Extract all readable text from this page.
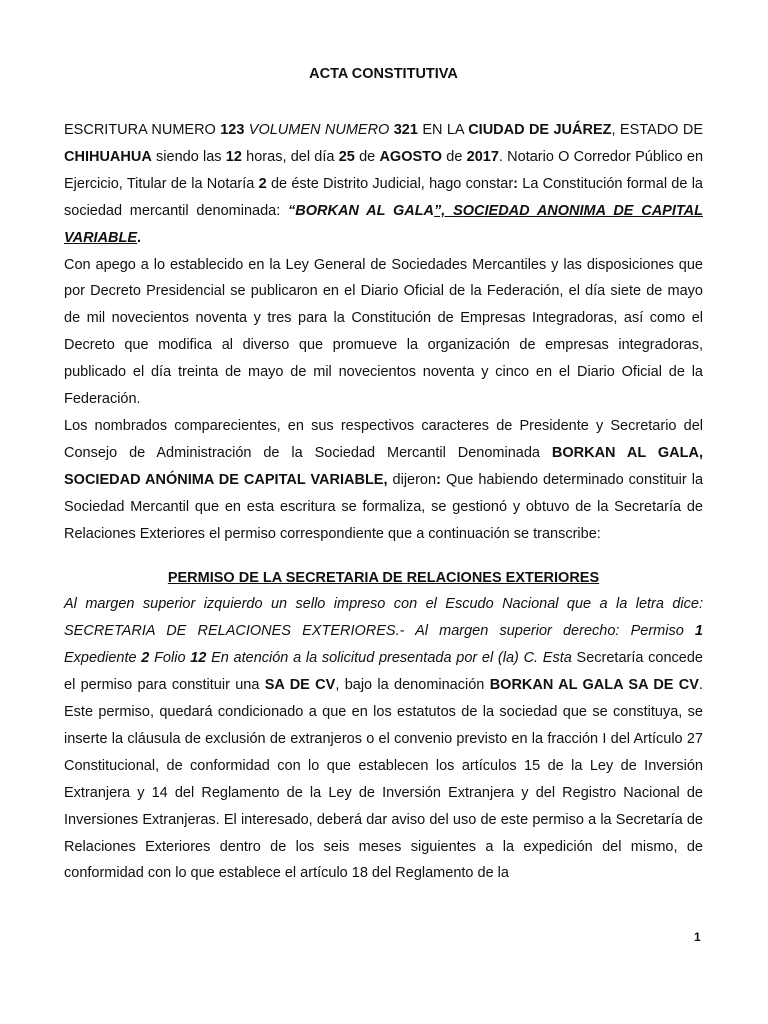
ACTA CONSTITUTIVA

ESCRITURA NUMERO 123 VOLUMEN NUMERO 321 EN LA CIUDAD DE JUÁREZ, ESTADO DE CHIHUAHUA siendo las 12 horas, del día 25 de AGOSTO de 2017. Notario O Corredor Público en Ejercicio, Titular de la Notaría 2 de éste Distrito Judicial, hago constar: La Constitución formal de la sociedad mercantil denominada: “BORKAN AL GALA”, SOCIEDAD ANONIMA DE CAPITAL VARIABLE.

Con apego a lo establecido en la Ley General de Sociedades Mercantiles y las disposiciones que por Decreto Presidencial se publicaron en el Diario Oficial de la Federación, el día siete de mayo de mil novecientos noventa y tres para la Constitución de Empresas Integradoras, así como el Decreto que modifica al diverso que promueve la organización de empresas integradoras, publicado el día treinta de mayo de mil novecientos noventa y cinco en el Diario Oficial de la Federación.

Los nombrados comparecientes, en sus respectivos caracteres de Presidente y Secretario del Consejo de Administración de la Sociedad Mercantil Denominada BORKAN AL GALA, SOCIEDAD ANÓNIMA DE CAPITAL VARIABLE, dijeron: Que habiendo determinado constituir la Sociedad Mercantil que en esta escritura se formaliza, se gestionó y obtuvo de la Secretaría de Relaciones Exteriores el permiso correspondiente que a continuación se transcribe:

PERMISO DE LA SECRETARIA DE RELACIONES EXTERIORES

Al margen superior izquierdo un sello impreso con el Escudo Nacional que a la letra dice: SECRETARIA DE RELACIONES EXTERIORES.- Al margen superior derecho: Permiso 1 Expediente 2 Folio 12 En atención a la solicitud presentada por el (la) C. Esta Secretaría concede el permiso para constituir una SA DE CV, bajo la denominación BORKAN AL GALA SA DE CV. Este permiso, quedará condicionado a que en los estatutos de la sociedad que se constituya, se inserte la cláusula de exclusión de extranjeros o el convenio previsto en la fracción I del Artículo 27 Constitucional, de conformidad con lo que establecen los artículos 15 de la Ley de Inversión Extranjera y 14 del Reglamento de la Ley de Inversión Extranjera y del Registro Nacional de Inversiones Extranjeras. El interesado, deberá dar aviso del uso de este permiso a la Secretaría de Relaciones Exteriores dentro de los seis meses siguientes a la expedición del mismo, de conformidad con lo que establece el artículo 18 del Reglamento de la

1
